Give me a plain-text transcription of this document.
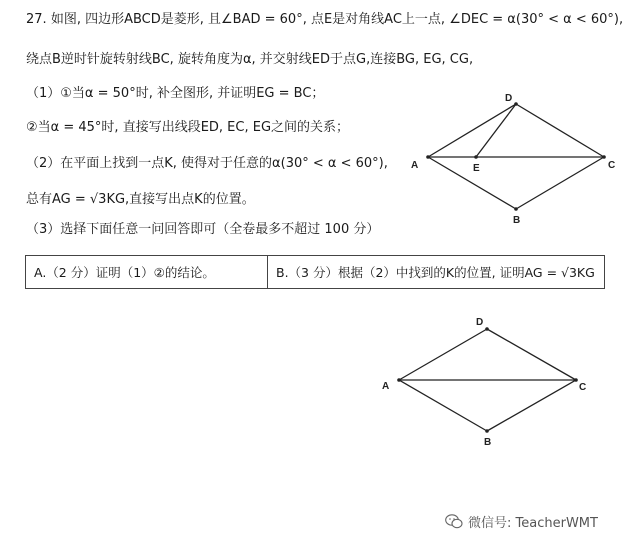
27. 如图, 四边形ABCD是菱形, 且∠BAD = 60°, 点E是对角线AC上一点, ∠DEC = α(30° < α < 60°),
绕点B逆时针旋转射线BC, 旋转角度为α, 并交射线ED于点G,连接BG, EG, CG,
（1）①当α = 50°时, 补全图形, 并证明EG = BC；
②当α = 45°时, 直接写出线段ED, EC, EG之间的关系；
（2）在平面上找到一点K, 使得对于任意的α(30° < α < 60°),
总有AG = √3KG,直接写出点K的位置。
（3）选择下面任意一问回答即可（全卷最多不超过 100 分）
A.（2 分）证明（1）②的结论。	B.（3 分）根据（2）中找到的K的位置, 证明AG = √3KG
A
D
C
B
E
A
D
C
B
微信号: TeacherWMT
